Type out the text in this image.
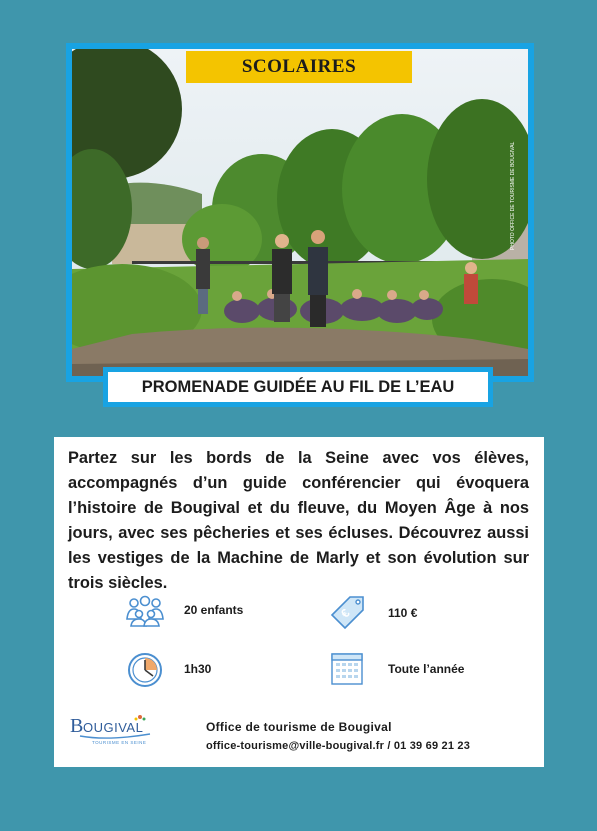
PHOTO OFFICE DE TOURISME DE BOUGIVAL
SCOLAIRES
PROMENADE GUIDÉE AU FIL DE L’EAU

Partez sur les bords de la Seine avec vos élèves, accompagnés d’un guide conférencier qui évoquera l’histoire de Bougival et du fleuve, du Moyen Âge à nos jours, avec ses pêcheries et ses écluses. Découvrez aussi les vestiges de la Machine de Marly et son évolution sur trois siècles.

20 enfants	€	110 €
1h30	Toute l’année
B OUGIVAL
TOURISME EN SEINE
Office de tourisme de Bougival
office-tourisme@ville-bougival.fr / 01 39 69 21 23
